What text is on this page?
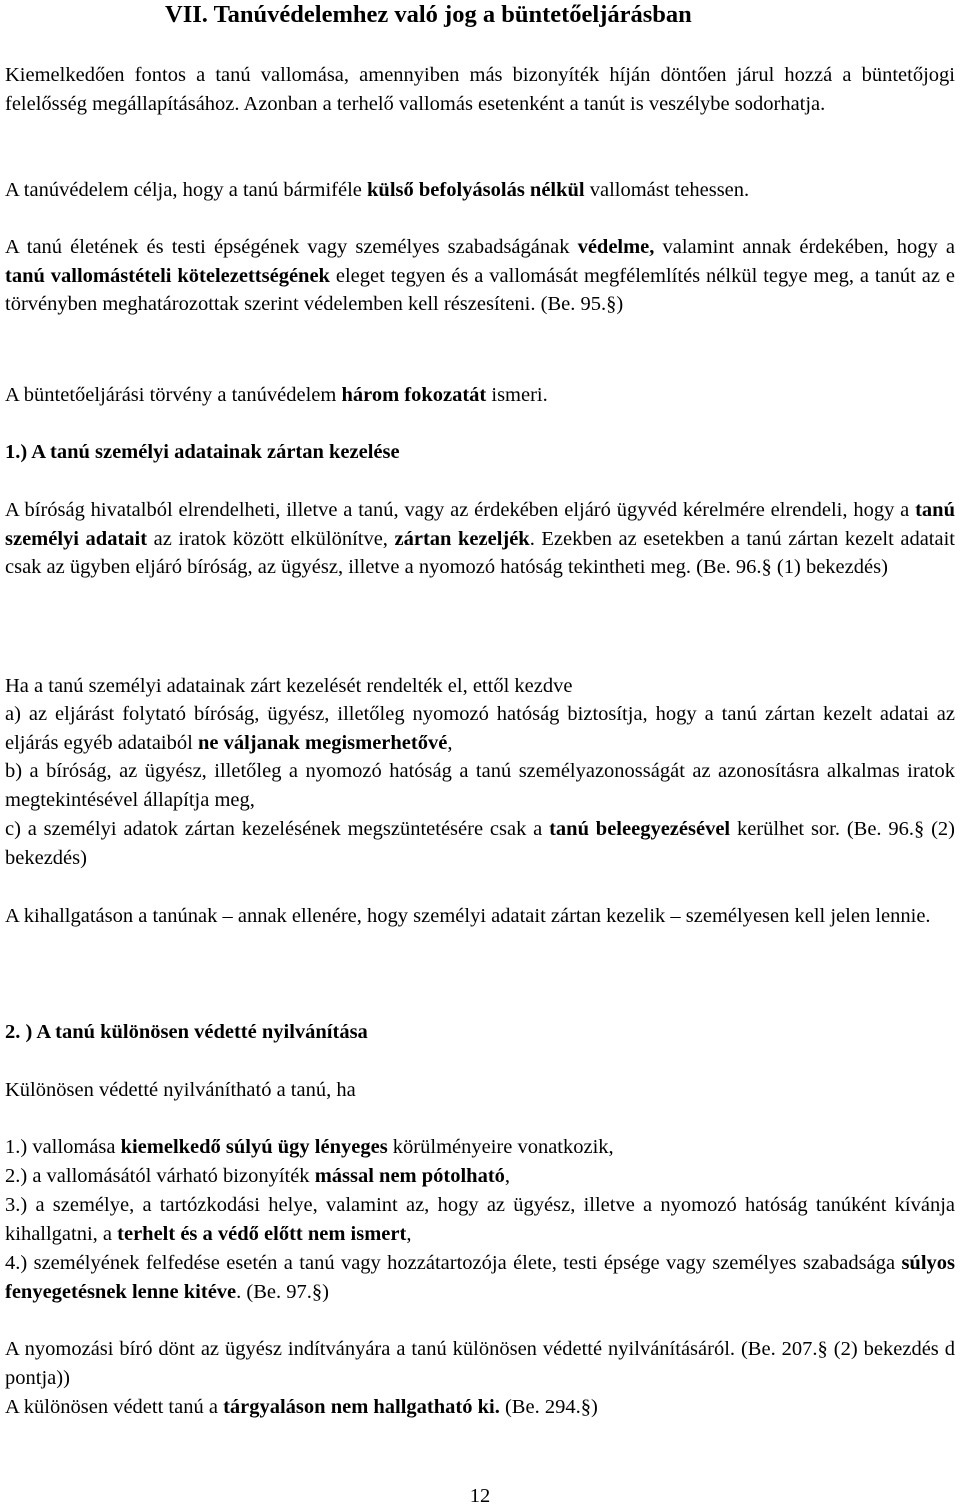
VII. Tanúvédelemhez való jog a büntetőeljárásban

Kiemelkedően fontos a tanú vallomása, amennyiben más bizonyíték híján döntően járul hozzá a büntetőjogi felelősség megállapításához. Azonban a terhelő vallomás esetenként a tanút is veszélybe sodorhatja.

A tanúvédelem célja, hogy a tanú bármiféle külső befolyásolás nélkül vallomást tehessen.

A tanú életének és testi épségének vagy személyes szabadságának védelme, valamint annak érdekében, hogy a tanú vallomástételi kötelezettségének eleget tegyen és a vallomását megfélemlítés nélkül tegye meg, a tanút az e törvényben meghatározottak szerint védelemben kell részesíteni. (Be. 95.§)

A büntetőeljárási törvény a tanúvédelem három fokozatát ismeri.

1.) A tanú személyi adatainak zártan kezelése

A bíróság hivatalból elrendelheti, illetve a tanú, vagy az érdekében eljáró ügyvéd kérelmére elrendeli, hogy a tanú személyi adatait az iratok között elkülönítve, zártan kezeljék. Ezekben az esetekben a tanú zártan kezelt adatait csak az ügyben eljáró bíróság, az ügyész, illetve a nyomozó hatóság tekintheti meg. (Be. 96.§ (1) bekezdés)

Ha a tanú személyi adatainak zárt kezelését rendelték el, ettől kezdve

a) az eljárást folytató bíróság, ügyész, illetőleg nyomozó hatóság biztosítja, hogy a tanú zártan kezelt adatai az eljárás egyéb adataiból ne váljanak megismerhetővé,

b) a bíróság, az ügyész, illetőleg a nyomozó hatóság a tanú személyazonosságát az azonosításra alkalmas iratok megtekintésével állapítja meg,

c) a személyi adatok zártan kezelésének megszüntetésére csak a tanú beleegyezésével kerülhet sor. (Be. 96.§ (2) bekezdés)

A kihallgatáson a tanúnak – annak ellenére, hogy személyi adatait zártan kezelik – személyesen kell jelen lennie.

2. ) A tanú különösen védetté nyilvánítása

Különösen védetté nyilvánítható a tanú, ha

1.) vallomása kiemelkedő súlyú ügy lényeges körülményeire vonatkozik,

2.) a vallomásától várható bizonyíték mással nem pótolható,

3.) a személye, a tartózkodási helye, valamint az, hogy az ügyész, illetve a nyomozó hatóság tanúként kívánja kihallgatni, a terhelt és a védő előtt nem ismert,

4.) személyének felfedése esetén a tanú vagy hozzátartozója élete, testi épsége vagy személyes szabadsága súlyos fenyegetésnek lenne kitéve. (Be. 97.§)

A nyomozási bíró dönt az ügyész indítványára a tanú különösen védetté nyilvánításáról. (Be. 207.§ (2) bekezdés d pontja))

A különösen védett tanú a tárgyaláson nem hallgatható ki. (Be. 294.§)

12
